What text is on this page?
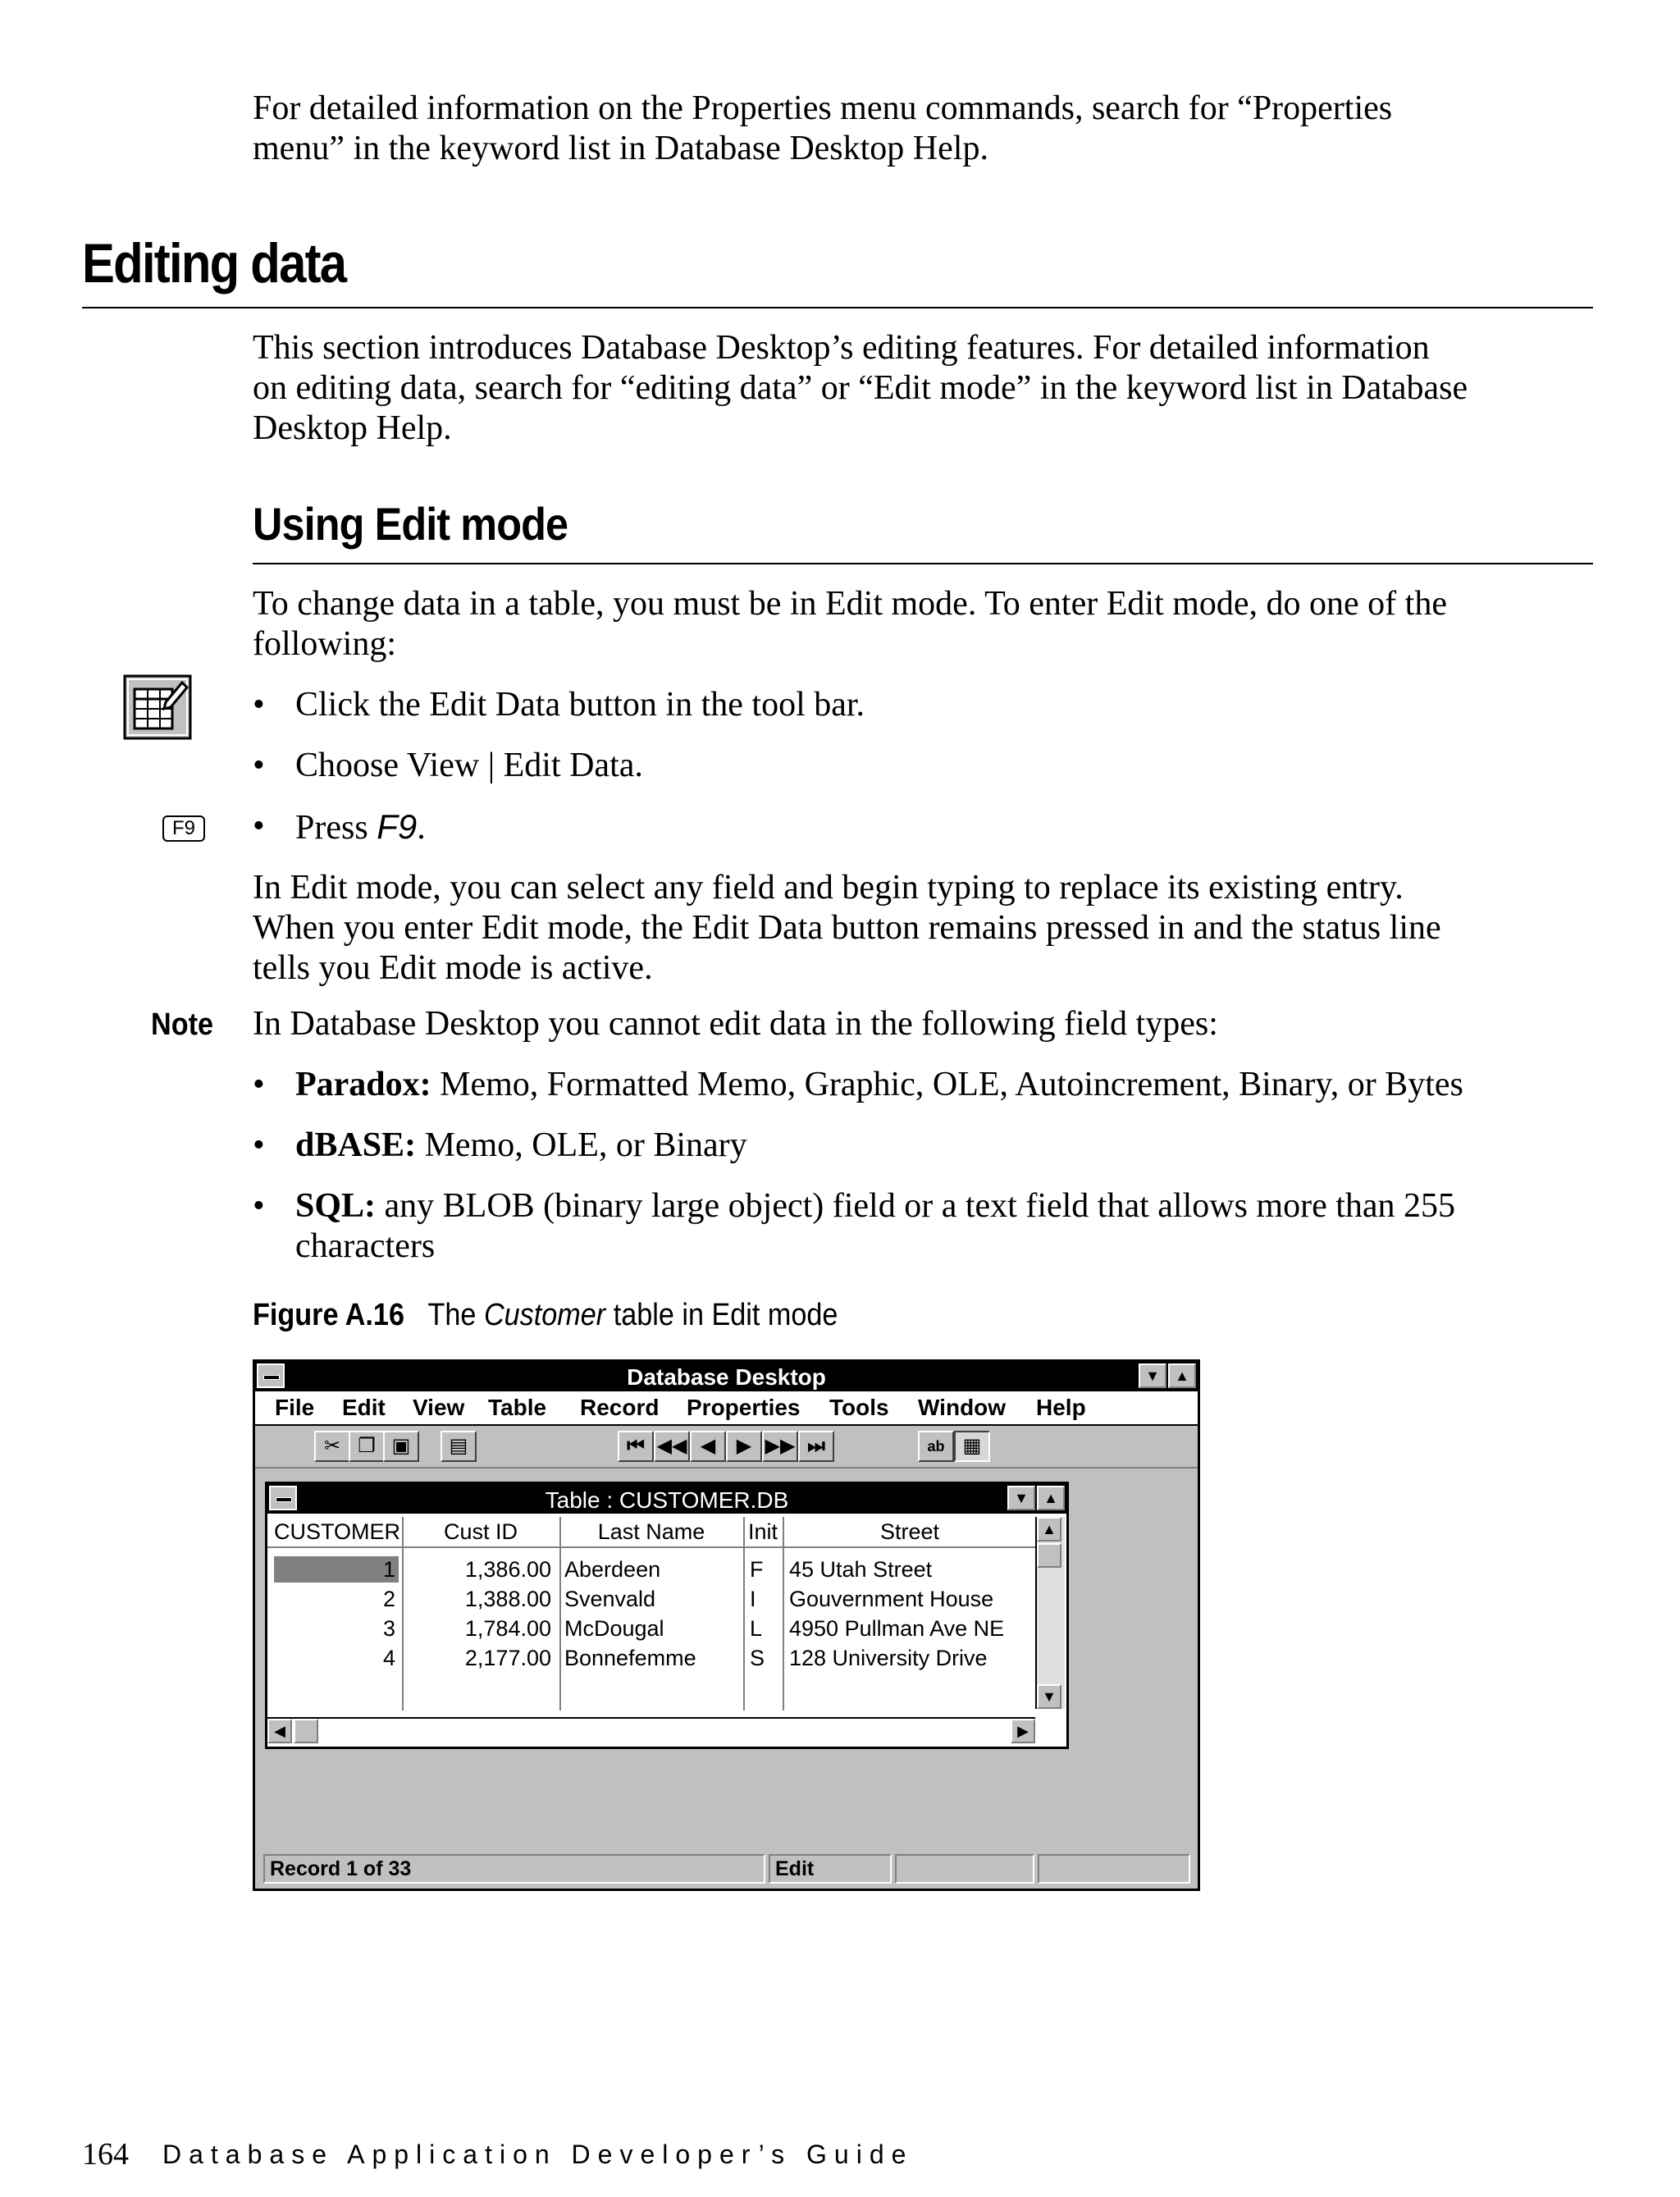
For detailed information on the Properties menu commands, search for “Properties
menu” in the keyword list in Database Desktop Help.
Editing data
This section introduces Database Desktop’s editing features. For detailed information
on editing data, search for “editing data” or “Edit mode” in the keyword list in Database
Desktop Help.
Using Edit mode
To change data in a table, you must be in Edit mode. To enter Edit mode, do one of the
following:
• Click the Edit Data button in the tool bar.
• Choose View | Edit Data.
F9 • Press F9.
In Edit mode, you can select any field and begin typing to replace its existing entry.
When you enter Edit mode, the Edit Data button remains pressed in and the status line
tells you Edit mode is active.
Note In Database Desktop you cannot edit data in the following field types:
• Paradox: Memo, Formatted Memo, Graphic, OLE, Autoincrement, Binary, or Bytes
• dBASE: Memo, OLE, or Binary
• SQL: any BLOB (binary large object) field or a text field that allows more than 255
characters
Figure A.16 The Customer table in Edit mode
Database Desktop	▼	▲
File Edit View Table Record Properties Tools Window Help
✂ ❐ ▣	▤	⏮ ◀◀ ◀	▶ ▶▶ ⏭	ab ▦
Table : CUSTOMER.DB	▼	▲
CUSTOMER	Cust ID	Last Name	Init	Street
1	1,386.00 Aberdeen	F 45 Utah Street
2	1,388.00 Svenvald	I Gouvernment House
3	1,784.00 McDougal	L 4950 Pullman Ave NE
4	2,177.00 Bonnefemme S 128 University Drive
▲
▼
◀	▶
Record 1 of 33	Edit
164 Database Application Developer’s Guide
